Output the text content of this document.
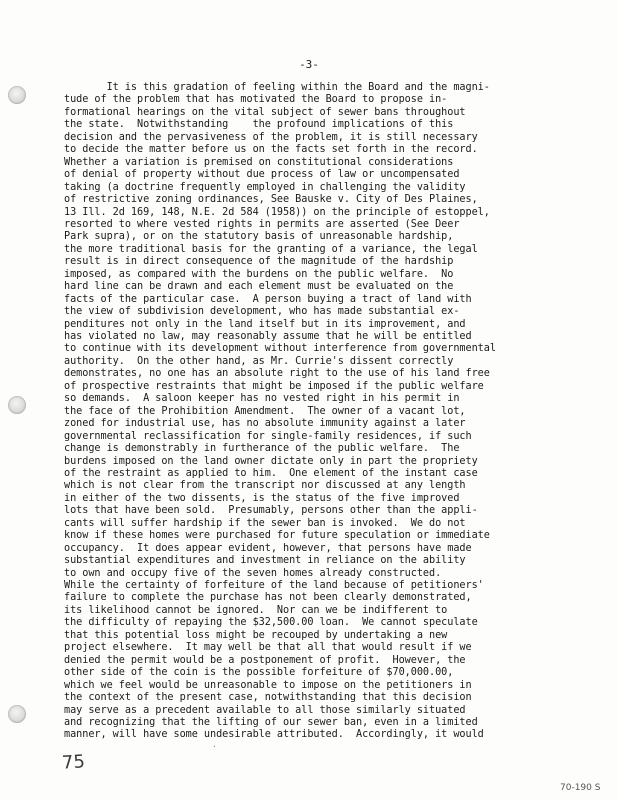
-3-
It is this gradation of feeling within the Board and the magni-
tude of the problem that has motivated the Board to propose in-
formational hearings on the vital subject of sewer bans throughout
the state.  Notwithstanding    the profound implications of this
decision and the pervasiveness of the problem, it is still necessary
to decide the matter before us on the facts set forth in the record.
Whether a variation is premised on constitutional considerations
of denial of property without due process of law or uncompensated
taking (a doctrine frequently employed in challenging the validity
of restrictive zoning ordinances, See Bauske v. City of Des Plaines,
13 Ill. 2d 169, 148, N.E. 2d 584 (1958)) on the principle of estoppel,
resorted to where vested rights in permits are asserted (See Deer
Park supra), or on the statutory basis of unreasonable hardship,
the more traditional basis for the granting of a variance, the legal
result is in direct consequence of the magnitude of the hardship
imposed, as compared with the burdens on the public welfare.  No
hard line can be drawn and each element must be evaluated on the
facts of the particular case.  A person buying a tract of land with
the view of subdivision development, who has made substantial ex-
penditures not only in the land itself but in its improvement, and
has violated no law, may reasonably assume that he will be entitled
to continue with its development without interference from governmental
authority.  On the other hand, as Mr. Currie's dissent correctly
demonstrates, no one has an absolute right to the use of his land free
of prospective restraints that might be imposed if the public welfare
so demands.  A saloon keeper has no vested right in his permit in
the face of the Prohibition Amendment.  The owner of a vacant lot,
zoned for industrial use, has no absolute immunity against a later
governmental reclassification for single-family residences, if such
change is demonstrably in furtherance of the public welfare.  The
burdens imposed on the land owner dictate only in part the propriety
of the restraint as applied to him.  One element of the instant case
which is not clear from the transcript nor discussed at any length
in either of the two dissents, is the status of the five improved
lots that have been sold.  Presumably, persons other than the appli-
cants will suffer hardship if the sewer ban is invoked.  We do not
know if these homes were purchased for future speculation or immediate
occupancy.  It does appear evident, however, that persons have made
substantial expenditures and investment in reliance on the ability
to own and occupy five of the seven homes already constructed.
While the certainty of forfeiture of the land because of petitioners'
failure to complete the purchase has not been clearly demonstrated,
its likelihood cannot be ignored.  Nor can we be indifferent to
the difficulty of repaying the $32,500.00 loan.  We cannot speculate
that this potential loss might be recouped by undertaking a new
project elsewhere.  It may well be that all that would result if we
denied the permit would be a postponement of profit.  However, the
other side of the coin is the possible forfeiture of $70,000.00,
which we feel would be unreasonable to impose on the petitioners in
the context of the present case, notwithstanding that this decision
may serve as a precedent available to all those similarly situated
and recognizing that the lifting of our sewer ban, even in a limited
manner, will have some undesirable attributed.  Accordingly, it would
·
75
70-190 S
